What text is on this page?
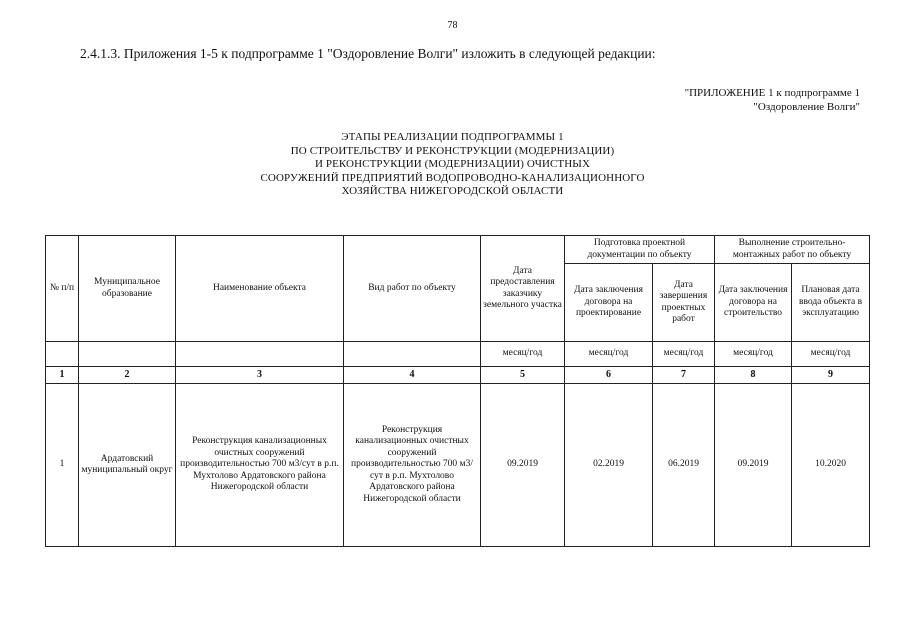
78
2.4.1.3. Приложения 1-5 к подпрограмме 1 "Оздоровление Волги" изложить в следующей редакции:
"ПРИЛОЖЕНИЕ 1 к подпрограмме 1
"Оздоровление Волги"
ЭТАПЫ РЕАЛИЗАЦИИ ПОДПРОГРАММЫ 1
ПО СТРОИТЕЛЬСТВУ И РЕКОНСТРУКЦИИ (МОДЕРНИЗАЦИИ)
И РЕКОНСТРУКЦИИ (МОДЕРНИЗАЦИИ) ОЧИСТНЫХ
СООРУЖЕНИЙ ПРЕДПРИЯТИЙ ВОДОПРОВОДНО-КАНАЛИЗАЦИОННОГО
ХОЗЯЙСТВА НИЖЕГОРОДСКОЙ ОБЛАСТИ
№ п/п	Муниципальное образование	Наименование объекта	Вид работ по объекту	Дата предоставления заказчику земельного участка	Подготовка проектной документации по объекту		Выполнение строительно-монтажных работ по объекту	
					Дата заключения договора на проектирование	Дата завершения проектных работ	Дата заключения договора на строительство	Плановая дата ввода объекта в эксплуатацию
				месяц/год	месяц/год	месяц/год	месяц/год	месяц/год
1	2	3	4	5	6	7	8	9
1	Ардатовский муниципальный округ	Реконструкция канализационных очистных сооружений производительностью 700 м3/сут в р.п. Мухтолово Ардатовского района Нижегородской области	Реконструкция канализационных очистных сооружений производительностью 700 м3/сут в р.п. Мухтолово Ардатовского района Нижегородской области	09.2019	02.2019	06.2019	09.2019	10.2020
